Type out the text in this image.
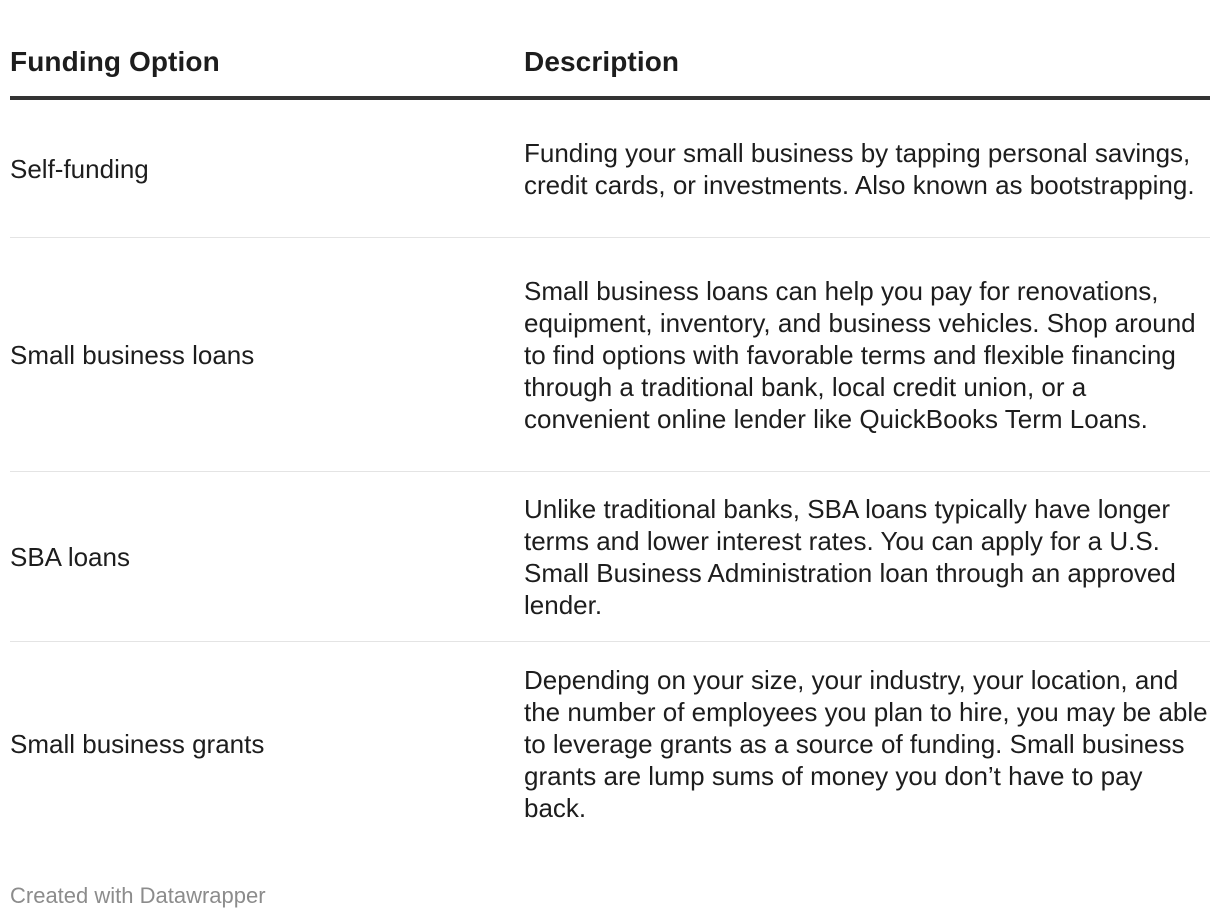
Funding Option	Description
Self-funding	Funding your small business by tapping personal savings, credit cards, or investments. Also known as bootstrapping.

Small business loans	Small business loans can help you pay for renovations, equipment, inventory, and business vehicles. Shop around to find options with favorable terms and flexible financing through a traditional bank, local credit union, or a convenient online lender like QuickBooks Term Loans.

SBA loans	Unlike traditional banks, SBA loans typically have longer terms and lower interest rates. You can apply for a U.S. Small Business Administration loan through an approved lender.

Small business grants	Depending on your size, your industry, your location, and the number of employees you plan to hire, you may be able to leverage grants as a source of funding. Small business grants are lump sums of money you don’t have to pay back.
Created with Datawrapper
